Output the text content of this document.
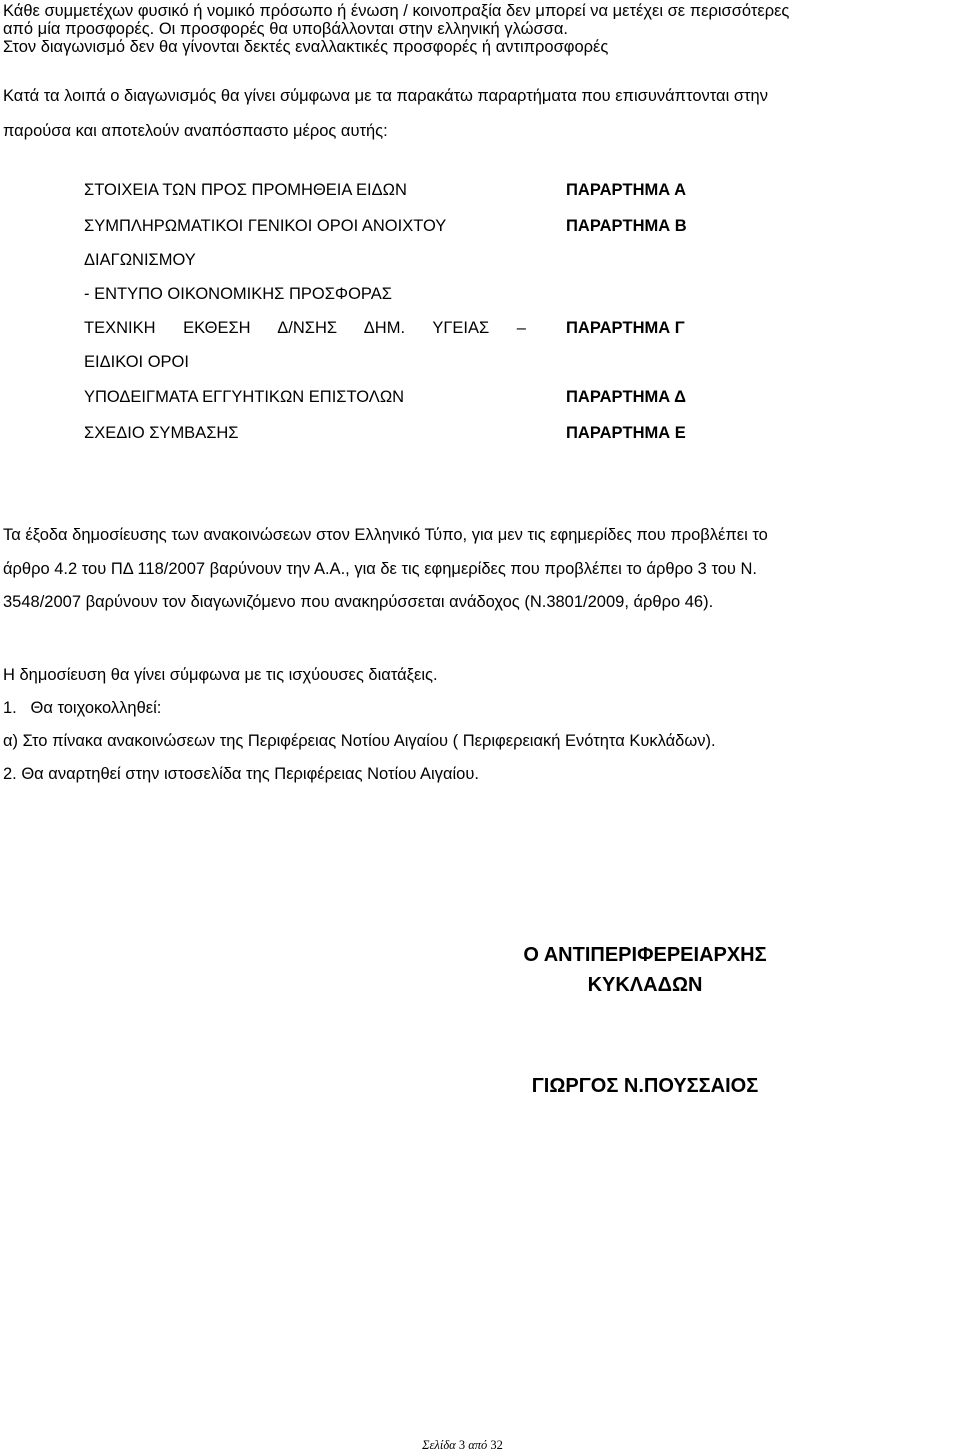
Κάθε συμμετέχων φυσικό ή νομικό πρόσωπο ή ένωση / κοινοπραξία δεν μπορεί να μετέχει σε περισσότερες

από μία προσφορές. Οι προσφορές θα υποβάλλονται στην ελληνική γλώσσα.

Στον διαγωνισμό δεν θα γίνονται δεκτές εναλλακτικές προσφορές ή αντιπροσφορές

Κατά τα λοιπά ο διαγωνισμός θα γίνει σύμφωνα με τα παρακάτω παραρτήματα που επισυνάπτονται στην

παρούσα και αποτελούν αναπόσπαστο μέρος αυτής:

ΣΤΟΙΧΕΙΑ ΤΩΝ ΠΡΟΣ ΠΡΟΜΗΘΕΙΑ ΕΙΔΩΝ	ΠΑΡΑΡΤΗΜΑ Α
ΣΥΜΠΛΗΡΩΜΑΤΙΚΟΙ ΓΕΝΙΚΟΙ ΟΡΟΙ ΑΝΟΙΧΤΟΥ	ΠΑΡΑΡΤΗΜΑ Β
ΔΙΑΓΩΝΙΣΜΟΥ
- ΕΝΤΥΠΟ ΟΙΚΟΝΟΜΙΚΗΣ ΠΡΟΣΦΟΡΑΣ
ΤΕΧΝΙΚΗ ΕΚΘΕΣΗ Δ/ΝΣΗΣ ΔΗΜ. ΥΓΕΙΑΣ – ΠΑΡΑΡΤΗΜΑ Γ
ΕΙΔΙΚΟΙ ΟΡΟΙ
ΥΠΟΔΕΙΓΜΑΤΑ ΕΓΓΥΗΤΙΚΩΝ ΕΠΙΣΤΟΛΩΝ	ΠΑΡΑΡΤΗΜΑ Δ
ΣΧΕΔΙΟ ΣΥΜΒΑΣΗΣ	ΠΑΡΑΡΤΗΜΑ Ε

Τα έξοδα δημοσίευσης των ανακοινώσεων στον Ελληνικό Τύπο, για μεν τις εφημερίδες που προβλέπει το

άρθρο 4.2 του ΠΔ 118/2007 βαρύνουν την Α.Α., για δε τις εφημερίδες που προβλέπει το άρθρο 3 του Ν.

3548/2007 βαρύνουν τον διαγωνιζόμενο που ανακηρύσσεται ανάδοχος (Ν.3801/2009, άρθρο 46).

Η δημοσίευση θα γίνει σύμφωνα με τις ισχύουσες διατάξεις.

1.   Θα τοιχοκολληθεί:

α) Στο πίνακα ανακοινώσεων της Περιφέρειας Νοτίου Αιγαίου ( Περιφερειακή Ενότητα Κυκλάδων).

2. Θα αναρτηθεί στην ιστοσελίδα της Περιφέρειας Νοτίου Αιγαίου.

Ο ΑΝΤΙΠΕΡΙΦΕΡΕΙΑΡΧΗΣ
ΚΥΚΛΑΔΩΝ
ΓΙΩΡΓΟΣ Ν.ΠΟΥΣΣΑΙΟΣ
Σελίδα 3 από 32
